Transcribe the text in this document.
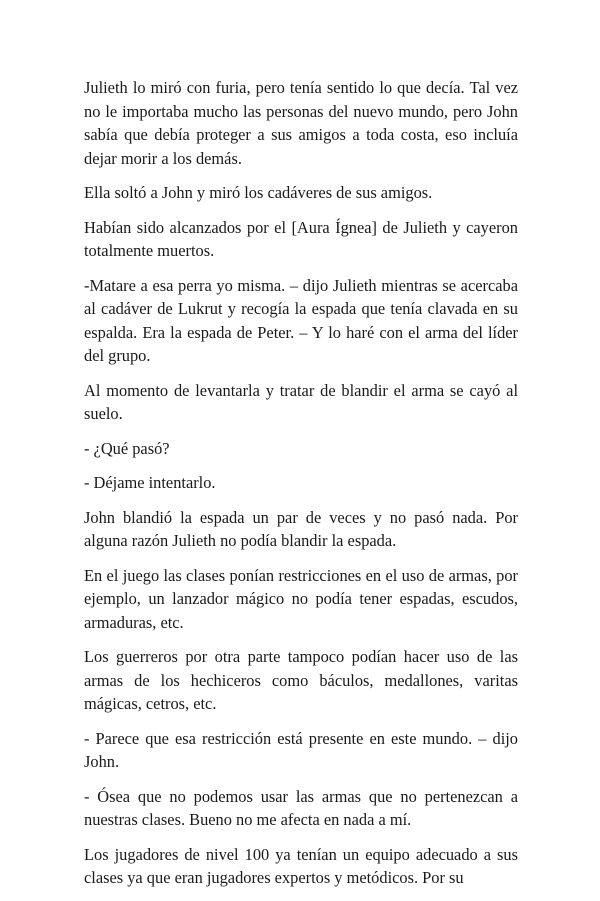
Julieth lo miró con furia, pero tenía sentido lo que decía. Tal vez no le importaba mucho las personas del nuevo mundo, pero John sabía que debía proteger a sus amigos a toda costa, eso incluía dejar morir a los demás.

Ella soltó a John y miró los cadáveres de sus amigos.

Habían sido alcanzados por el [Aura Ígnea] de Julieth y cayeron totalmente muertos.

-Matare a esa perra yo misma. – dijo Julieth mientras se acercaba al cadáver de Lukrut y recogía la espada que tenía clavada en su espalda. Era la espada de Peter. – Y lo haré con el arma del líder del grupo.

Al momento de levantarla y tratar de blandir el arma se cayó al suelo.

- ¿Qué pasó?

- Déjame intentarlo.

John blandió la espada un par de veces y no pasó nada. Por alguna razón Julieth no podía blandir la espada.

En el juego las clases ponían restricciones en el uso de armas, por ejemplo, un lanzador mágico no podía tener espadas, escudos, armaduras, etc.

Los guerreros por otra parte tampoco podían hacer uso de las armas de los hechiceros como báculos, medallones, varitas mágicas, cetros, etc.

- Parece que esa restricción está presente en este mundo. – dijo John.

- Ósea que no podemos usar las armas que no pertenezcan a nuestras clases. Bueno no me afecta en nada a mí.

Los jugadores de nivel 100 ya tenían un equipo adecuado a sus clases ya que eran jugadores expertos y metódicos. Por su
